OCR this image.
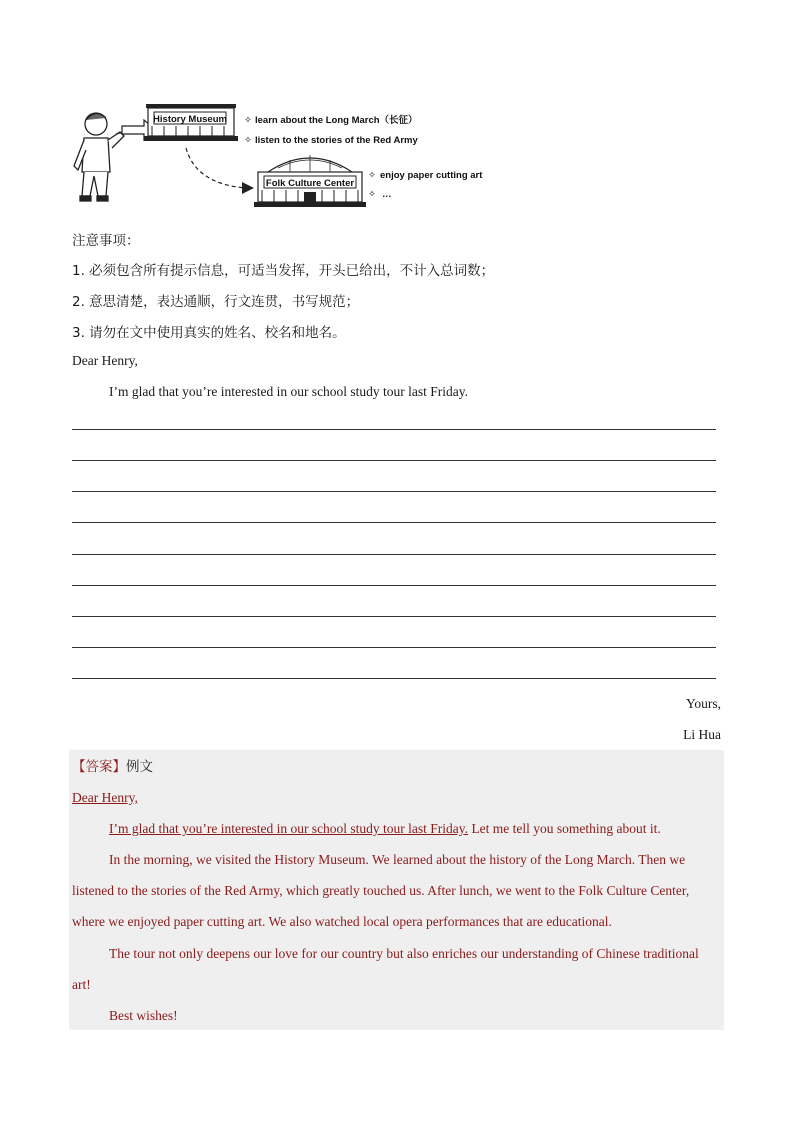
History Museum ✧ learn about the Long March（长征）
✧ listen to the stories of the Red Army
Folk Culture Center
✧ enjoy paper cutting art
✧ …
注意事项：
1. 必须包含所有提示信息，可适当发挥，开头已给出，不计入总词数；
2. 意思清楚，表达通顺，行文连贯，书写规范；
3. 请勿在文中使用真实的姓名、校名和地名。
Dear Henry,
I’m glad that you’re interested in our school study tour last Friday.
Yours,
Li Hua
【答案】例文
Dear Henry,
I’m glad that you’re interested in our school study tour last Friday. Let me tell you something about it.
In the morning, we visited the History Museum. We learned about the history of the Long March. Then we
listened to the stories of the Red Army, which greatly touched us. After lunch, we went to the Folk Culture Center,
where we enjoyed paper cutting art. We also watched local opera performances that are educational.
The tour not only deepens our love for our country but also enriches our understanding of Chinese traditional
art!
Best wishes!
